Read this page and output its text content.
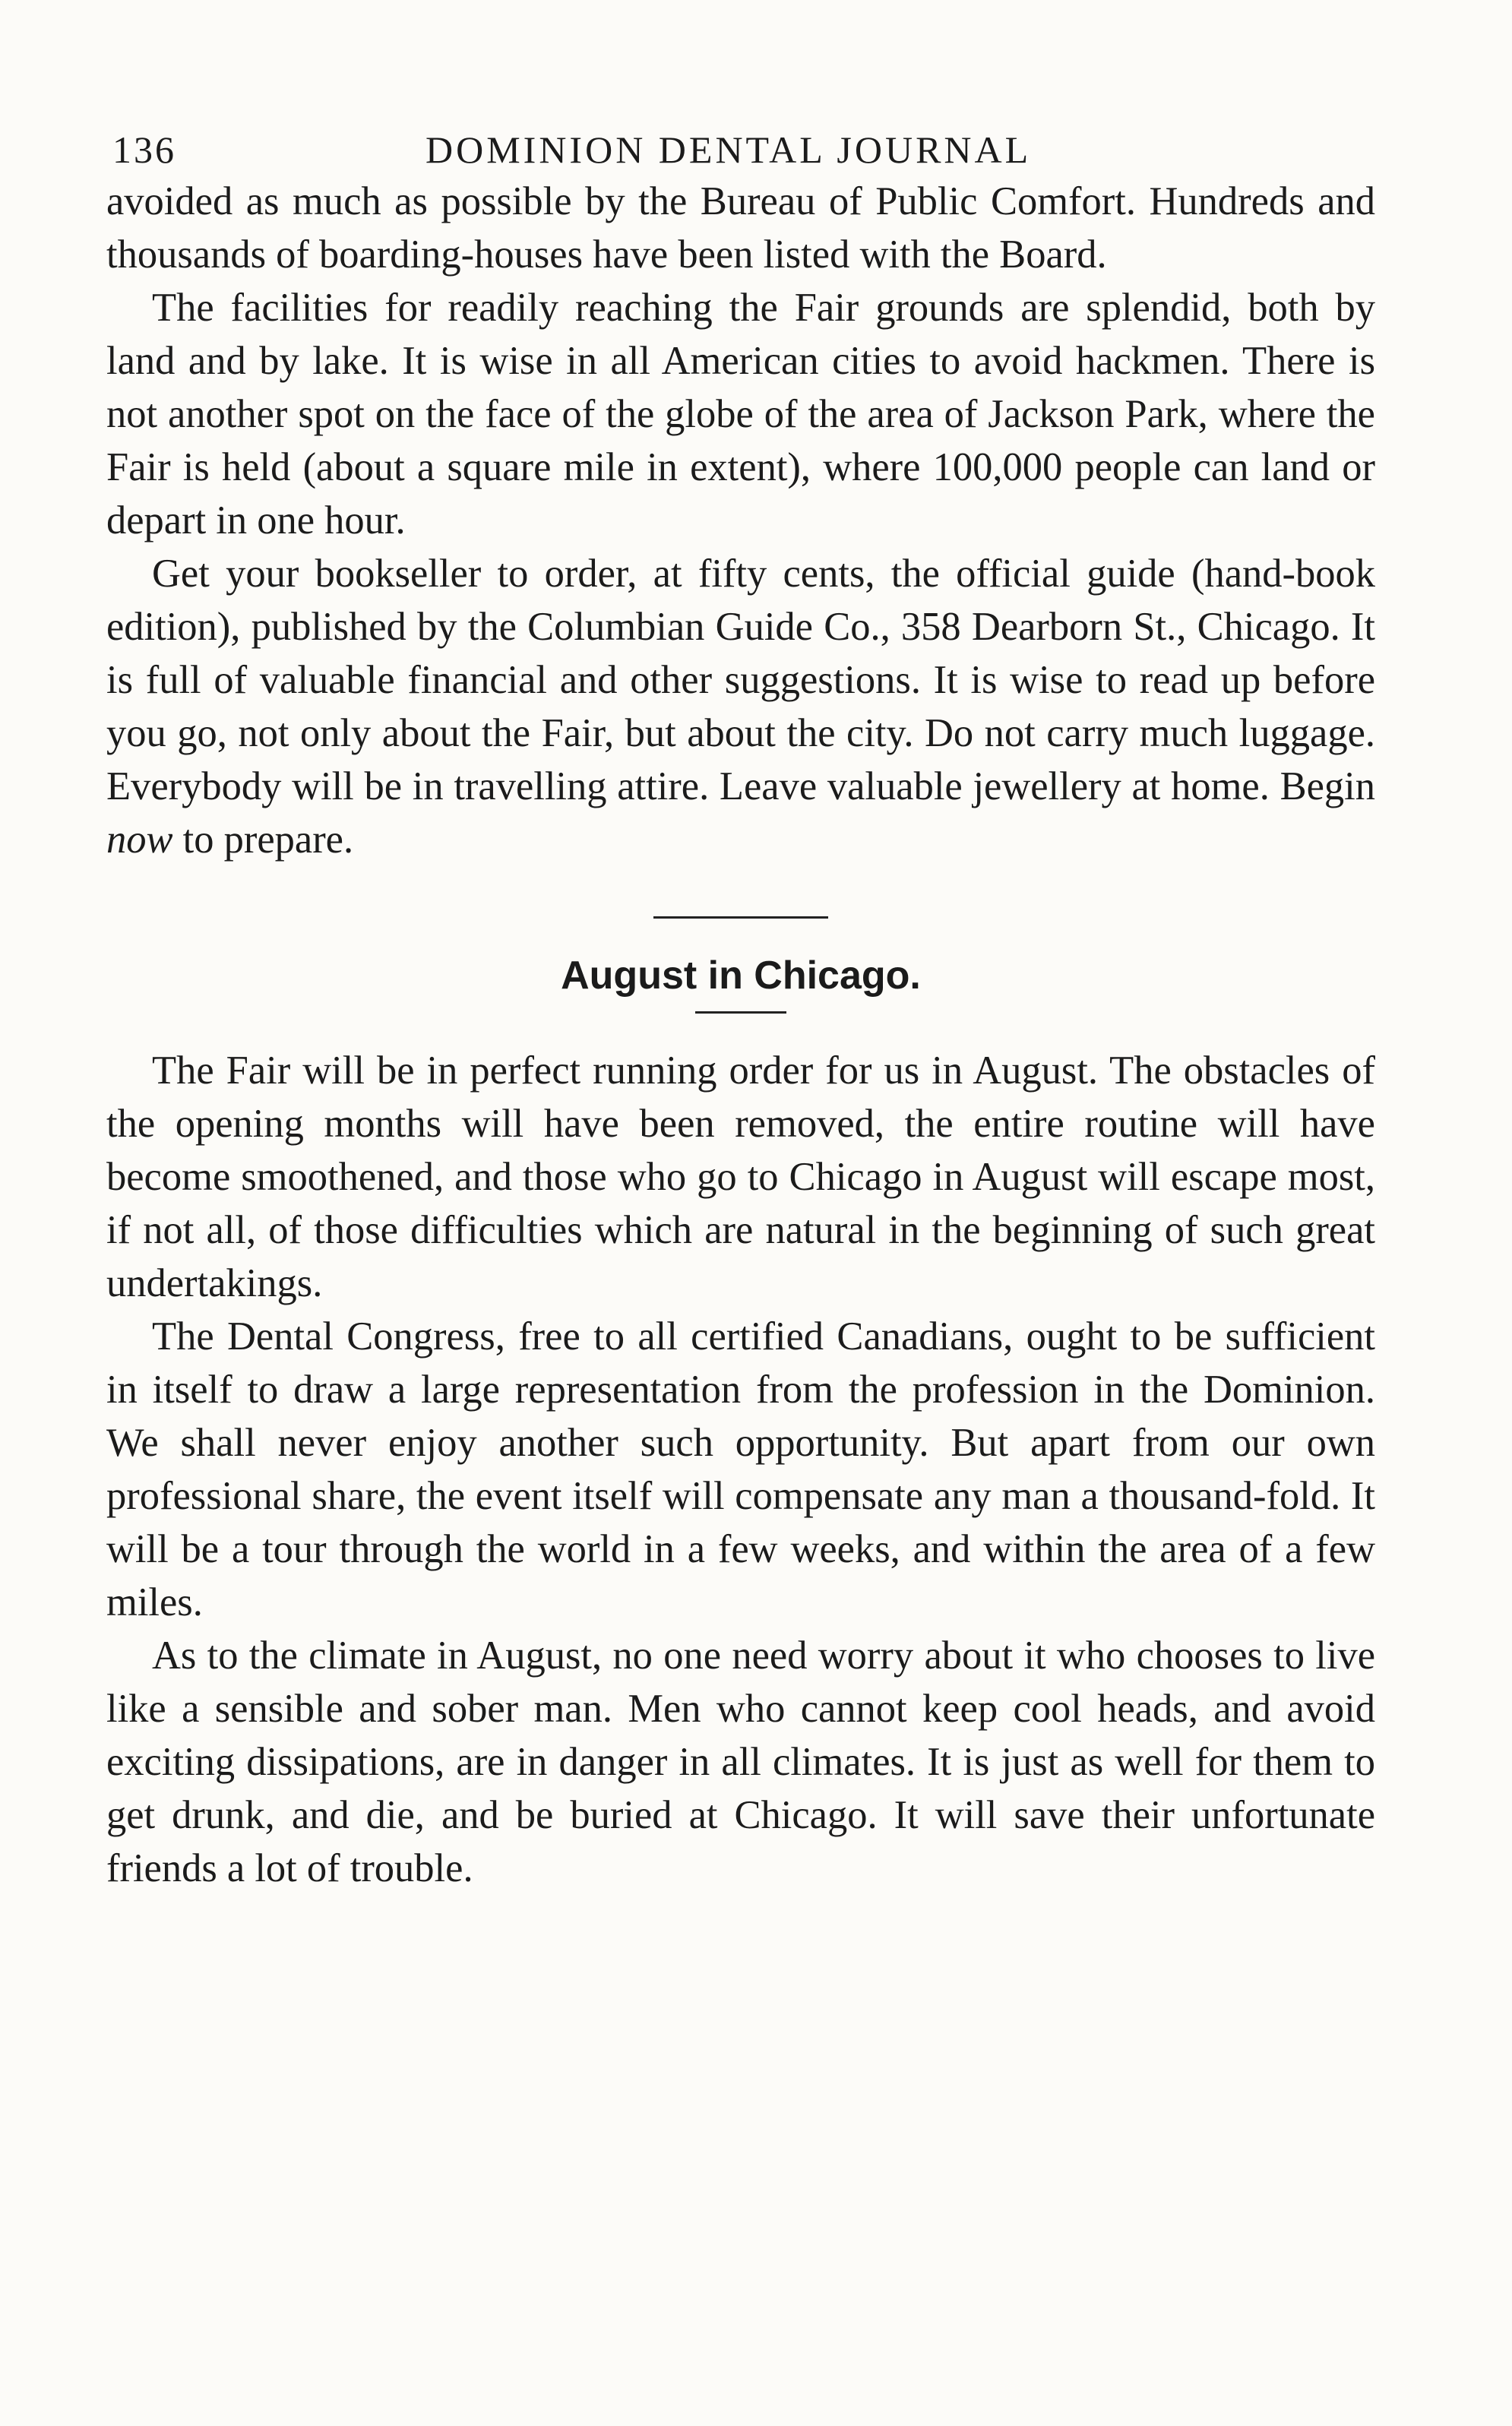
136	DOMINION DENTAL JOURNAL

avoided as much as possible by the Bureau of Public Comfort. Hundreds and thousands of boarding-houses have been listed with the Board.

The facilities for readily reaching the Fair grounds are splendid, both by land and by lake. It is wise in all American cities to avoid hackmen. There is not another spot on the face of the globe of the area of Jackson Park, where the Fair is held (about a square mile in extent), where 100,000 people can land or depart in one hour.

Get your bookseller to order, at fifty cents, the official guide (hand-book edition), published by the Columbian Guide Co., 358 Dearborn St., Chicago. It is full of valuable financial and other suggestions. It is wise to read up before you go, not only about the Fair, but about the city. Do not carry much luggage. Everybody will be in travelling attire. Leave valuable jewellery at home. Begin now to prepare.

August in Chicago.

The Fair will be in perfect running order for us in August. The obstacles of the opening months will have been removed, the entire routine will have become smoothened, and those who go to Chicago in August will escape most, if not all, of those difficulties which are natural in the beginning of such great undertakings.

The Dental Congress, free to all certified Canadians, ought to be sufficient in itself to draw a large representation from the profession in the Dominion. We shall never enjoy another such opportunity. But apart from our own professional share, the event itself will compensate any man a thousand-fold. It will be a tour through the world in a few weeks, and within the area of a few miles.

As to the climate in August, no one need worry about it who chooses to live like a sensible and sober man. Men who cannot keep cool heads, and avoid exciting dissipations, are in danger in all climates. It is just as well for them to get drunk, and die, and be buried at Chicago. It will save their unfortunate friends a lot of trouble.
